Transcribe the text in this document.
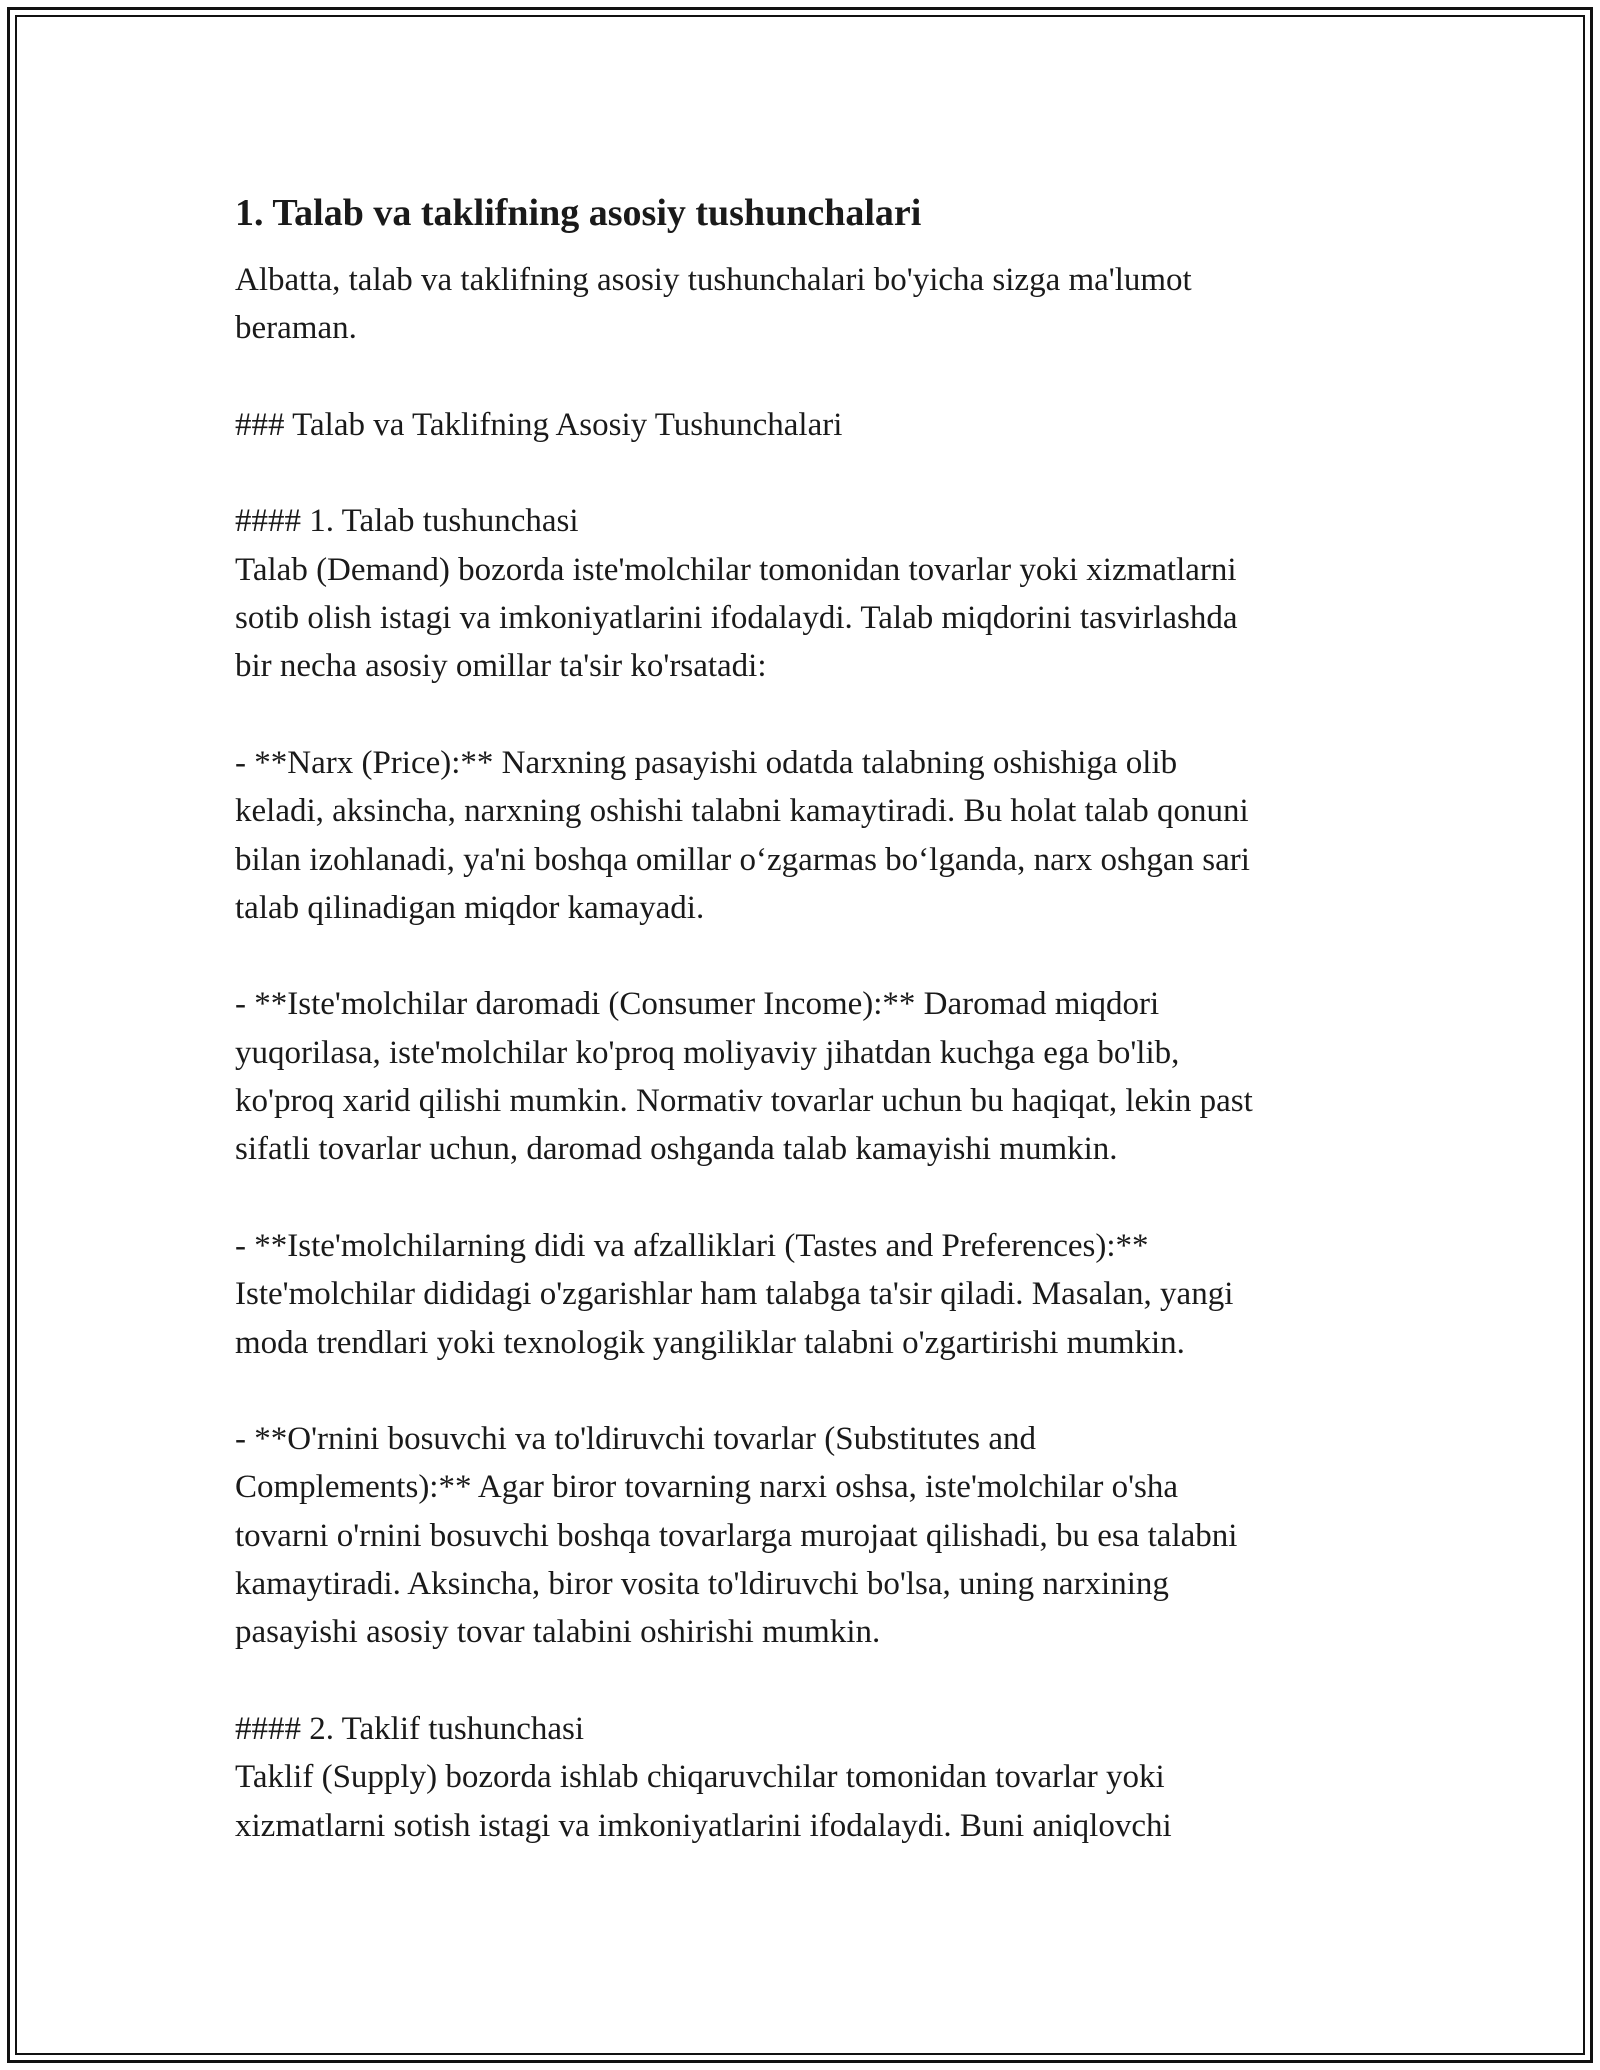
1. Talab va taklifning asosiy tushunchalari

Albatta, talab va taklifning asosiy tushunchalari bo'yicha sizga ma'lumot

beraman.

### Talab va Taklifning Asosiy Tushunchalari

#### 1. Talab tushunchasi

Talab (Demand) bozorda iste'molchilar tomonidan tovarlar yoki xizmatlarni

sotib olish istagi va imkoniyatlarini ifodalaydi. Talab miqdorini tasvirlashda

bir necha asosiy omillar ta'sir ko'rsatadi:

- **Narx (Price):** Narxning pasayishi odatda talabning oshishiga olib

keladi, aksincha, narxning oshishi talabni kamaytiradi. Bu holat talab qonuni

bilan izohlanadi, ya'ni boshqa omillar o‘zgarmas bo‘lganda, narx oshgan sari

talab qilinadigan miqdor kamayadi.

- **Iste'molchilar daromadi (Consumer Income):** Daromad miqdori

yuqorilasa, iste'molchilar ko'proq moliyaviy jihatdan kuchga ega bo'lib,

ko'proq xarid qilishi mumkin. Normativ tovarlar uchun bu haqiqat, lekin past

sifatli tovarlar uchun, daromad oshganda talab kamayishi mumkin.

- **Iste'molchilarning didi va afzalliklari (Tastes and Preferences):**

Iste'molchilar dididagi o'zgarishlar ham talabga ta'sir qiladi. Masalan, yangi

moda trendlari yoki texnologik yangiliklar talabni o'zgartirishi mumkin.

- **O'rnini bosuvchi va to'ldiruvchi tovarlar (Substitutes and

Complements):** Agar biror tovarning narxi oshsa, iste'molchilar o'sha

tovarni o'rnini bosuvchi boshqa tovarlarga murojaat qilishadi, bu esa talabni

kamaytiradi. Aksincha, biror vosita to'ldiruvchi bo'lsa, uning narxining

pasayishi asosiy tovar talabini oshirishi mumkin.

#### 2. Taklif tushunchasi

Taklif (Supply) bozorda ishlab chiqaruvchilar tomonidan tovarlar yoki

xizmatlarni sotish istagi va imkoniyatlarini ifodalaydi. Buni aniqlovchi
